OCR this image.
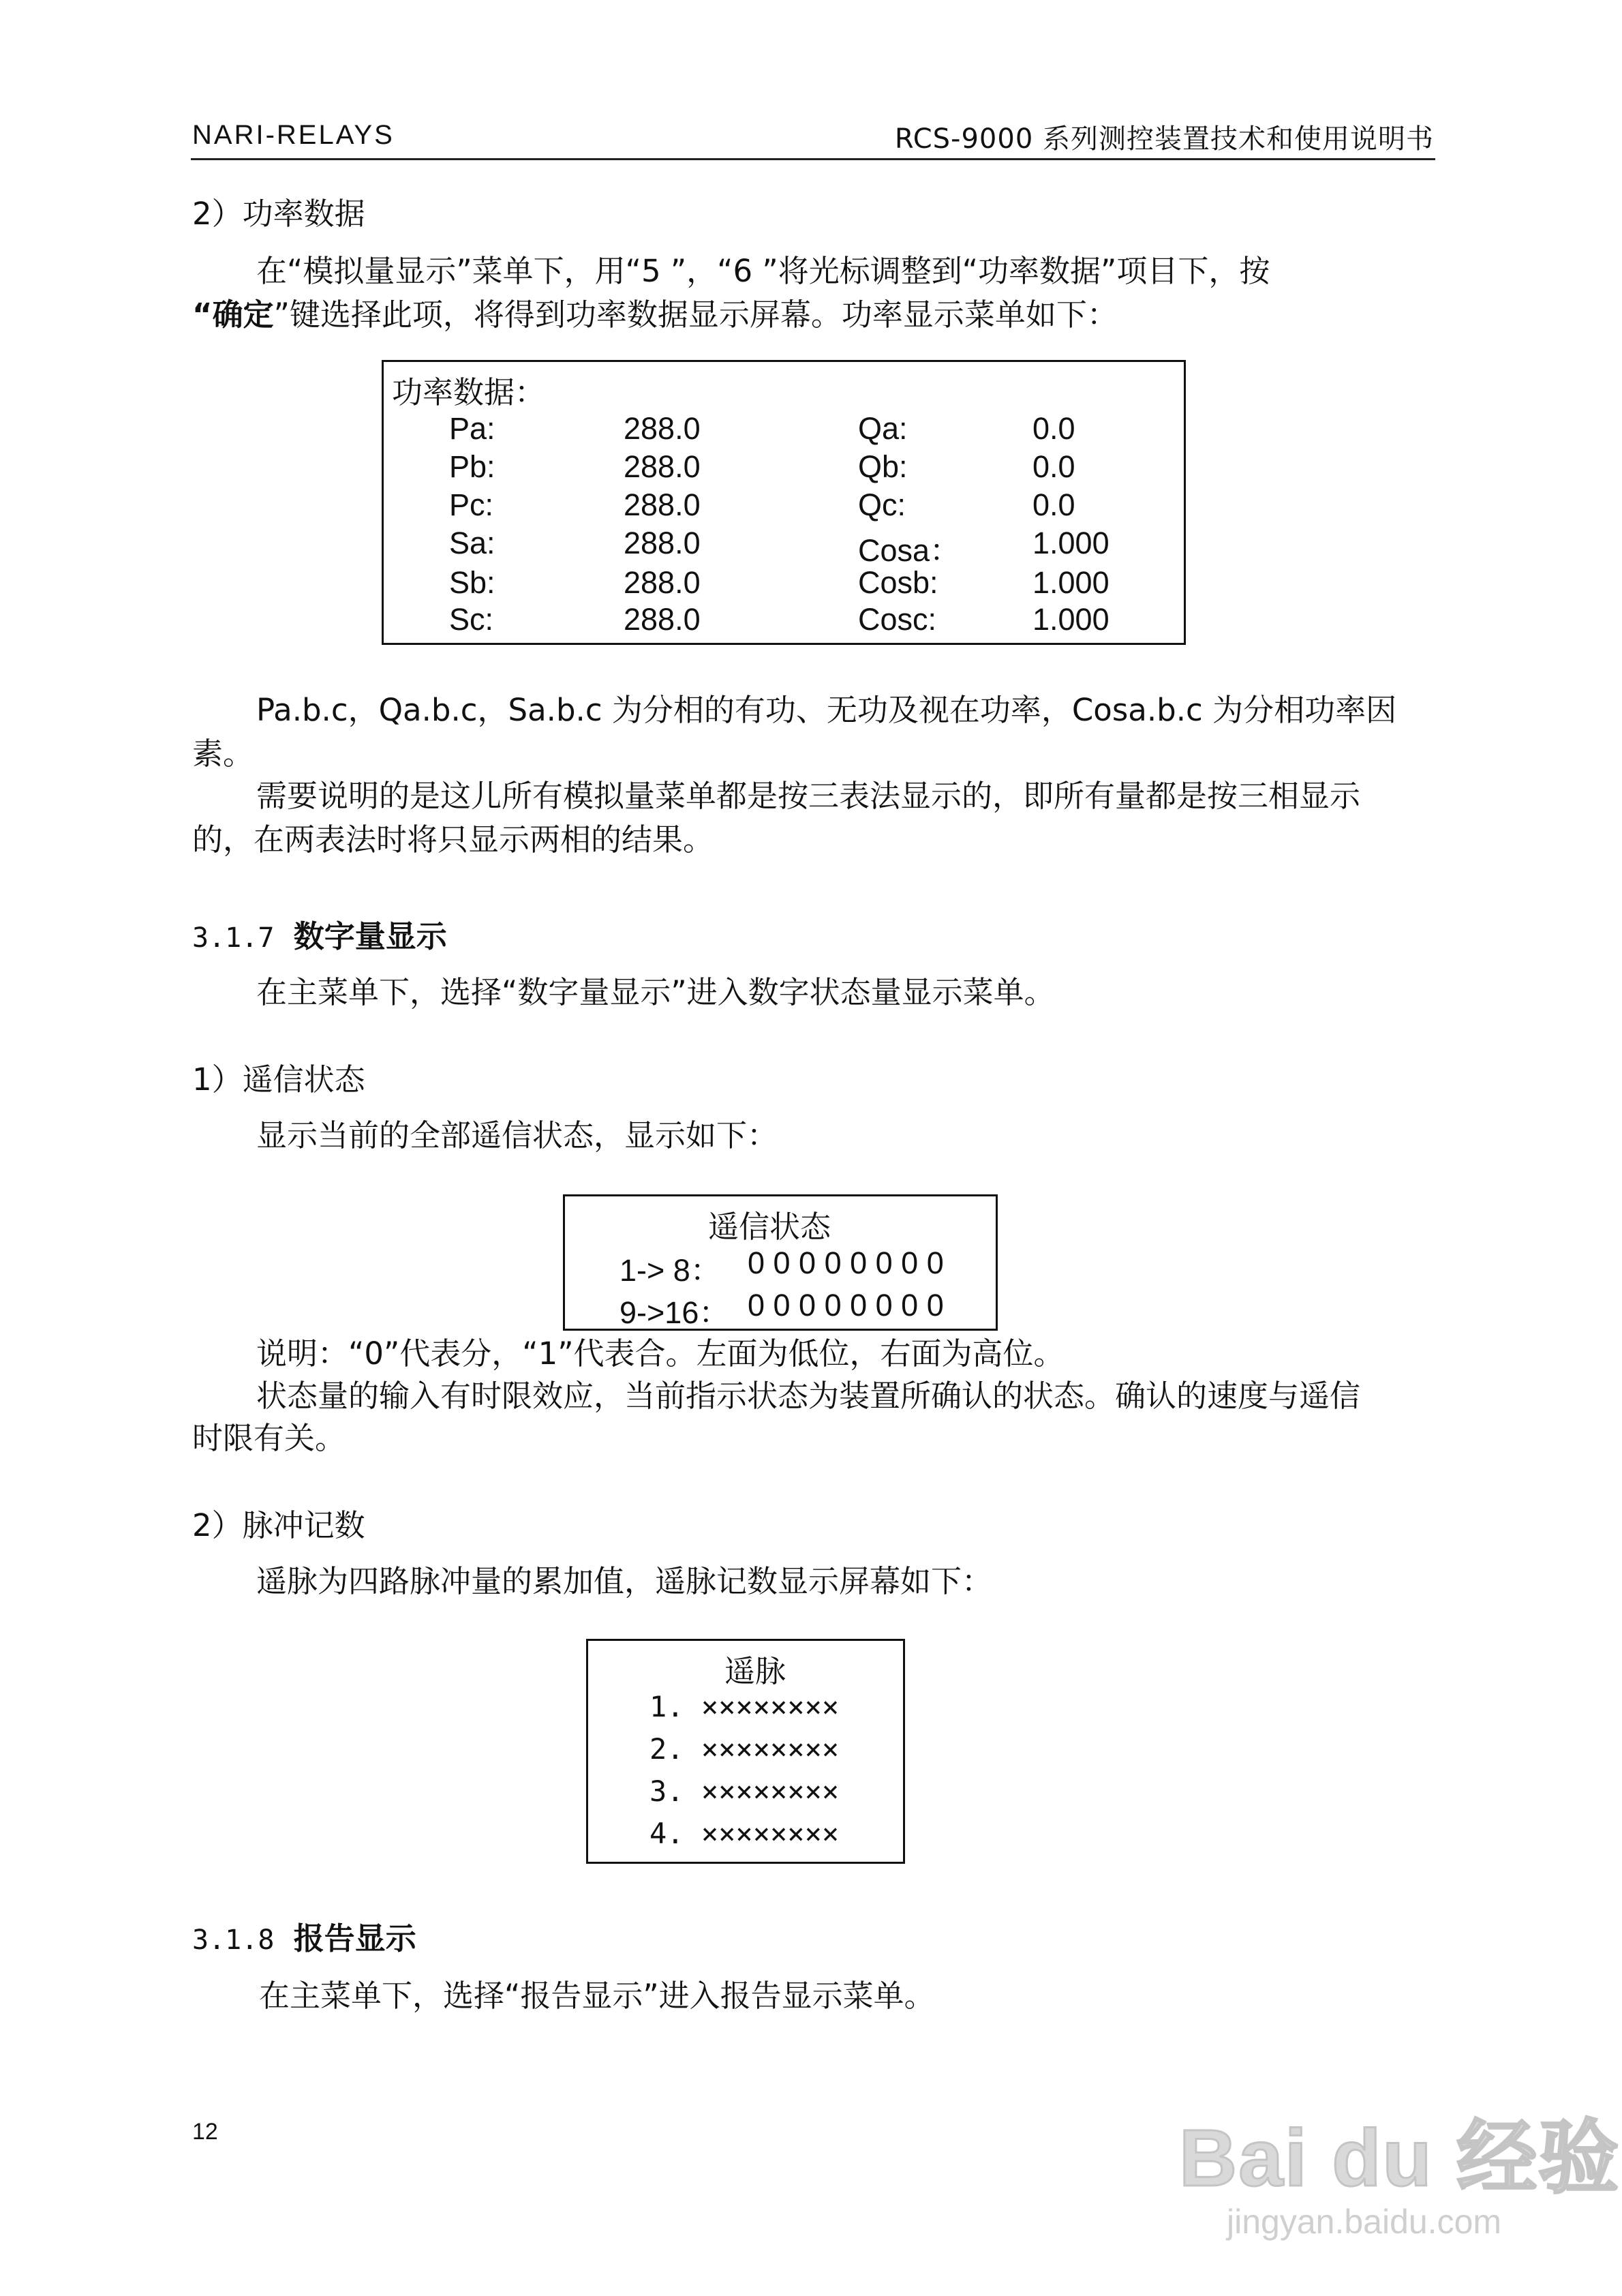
NARI-RELAYS	RCS-9000 系列测控装置技术和使用说明书
2）功率数据
在“模拟量显示”菜单下，用“5 ”，“6 ”将光标调整到“功率数据”项目下，按
“确定”键选择此项，将得到功率数据显示屏幕。功率显示菜单如下：
功率数据：
Pa:	288.0	Qa:	0.0
Pb:	288.0	Qb:	0.0
Pc:	288.0	Qc:	0.0
Sa:	288.0	Cosa： 1.000
Sb:	288.0	Cosb:	1.000
Sc:	288.0	Cosc:	1.000
Pa.b.c，Qa.b.c，Sa.b.c 为分相的有功、无功及视在功率，Cosa.b.c 为分相功率因
素。
需要说明的是这儿所有模拟量菜单都是按三表法显示的，即所有量都是按三相显示
的，在两表法时将只显示两相的结果。
3.1.7 数字量显示
在主菜单下，选择“数字量显示”进入数字状态量显示菜单。
1）遥信状态
显示当前的全部遥信状态，显示如下：
遥信状态
1-> 8： 0 0 0 0 0 0 0 0
9->16： 0 0 0 0 0 0 0 0
说明：“0”代表分，“1”代表合。左面为低位，右面为高位。
状态量的输入有时限效应，当前指示状态为装置所确认的状态。确认的速度与遥信
时限有关。
2）脉冲记数
遥脉为四路脉冲量的累加值，遥脉记数显示屏幕如下：
遥脉
1. ××××××××
2. ××××××××
3. ××××××××
4. ××××××××
3.1.8 报告显示
在主菜单下，选择“报告显示”进入报告显示菜单。
12	Bai du 经验
jingyan.baidu.com
